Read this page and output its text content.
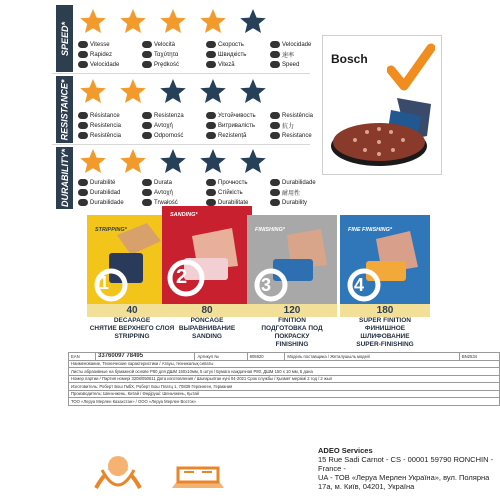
SPEED*	Vitesse	Velocità	Скорость	Velocidade
Rapidez	Ταχύτητα	Швидкість	速率
Velocidade	Prędkość	Viteză	Speed
RESISTANCE*	Résistance	Resistenza	Устойчивость	Resistência
Resistencia	Αντοχή	Витривалість	抗力
Resistência	Odporność	Rezistență	Resistance
DURABILITY*	Durabilité	Durata	Прочность	Durabilidade
Durabilidad	Αντοχή	Стійкість	耐用性
Durabilidade	Trwałość	Durabilitate	Durability
Bosch
STRIPPING*
1
SANDING*
2
FINISHING*
3
FINE FINISHING*
4
40	80	120	180
DECAPAGE
СНЯТИЕ ВЕРХНЕГО СЛОЯ
STRIPPING
PONCAGE
ВЫРАВНИВАНИЕ
SANDING
FINITION
ПОДГОТОВКА ПОД ПОКРАСКУ
FINISHING
SUPER FINITION
ФИНИШНОЕ ШЛИФОВАНИЕ
SUPER-FINISHING
EAN	33760097 78495	Артикул №	805920	Модель поставщика / Жеталушыль моделі	BN2534
Наименование, Технические характеристики / Атауы, техникалық сипаты
Листы абразивные на бумажной основе P80 для ДШМ 150х10мм, 5 штук / Бумага наждачная P80, ДШМ 150 х 10 мм, 5 дана
Номер партии / Партия номері 3208/050611 Дата изготовления / Шығарылған күні 04-2021 Срок службы / Қызмет мерзімі 2 год / 2 жыл
Изготовитель: Роберт Бош ГмбХ, Роберт Бош Платц 1, 70839 Герлинген, Германия
Производитель: Шеньчжень, Китай / Өндіруші: Шеньчжень, Қытай
ТОО «Леруа Мерлен Казахстан» / ООО «Леруа Мерлен Восток»
ADEO Services
15 Rue Sadi Carnot - CS - 00001 59790 RONCHIN - France -
UA - ТОВ «Леруа Мерлен Україна», вул. Полярна 17а, м. Київ, 04201, Україна
